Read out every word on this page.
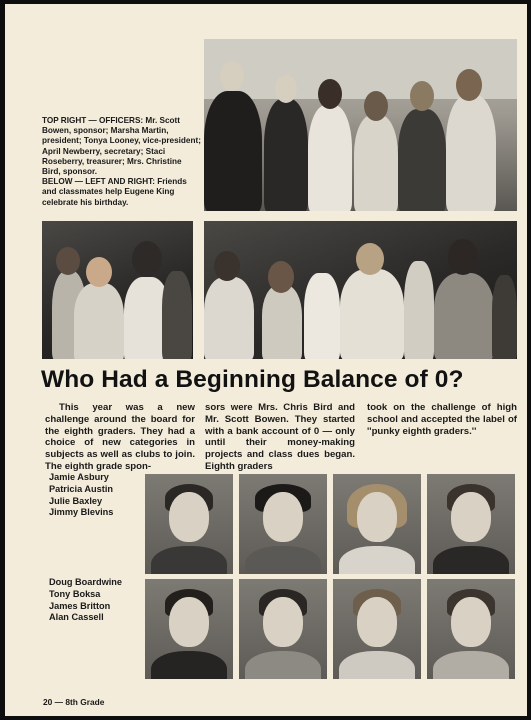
TOP RIGHT — OFFICERS: Mr. Scott Bowen, sponsor; Marsha Martin, president; Tonya Looney, vice-president; April Newberry, secretary; Staci Roseberry, treasurer; Mrs. Christine Bird, sponsor.

BELOW — LEFT AND RIGHT: Friends and classmates help Eugene King celebrate his birthday.

Who Had a Beginning Balance of 0?
This year was a new challenge around the board for the eighth graders. They had a choice of new categories in subjects as well as clubs to join. The eighth grade spon-
sors were Mrs. Chris Bird and Mr. Scott Bowen. They started with a bank account of 0 — only until their money-making projects and class dues began. Eighth graders
took on the challenge of high school and accepted the label of ''punky eighth graders.''
Jamie Asbury
Patricia Austin
Julie Baxley
Jimmy Blevins
Doug Boardwine
Tony Boksa
James Britton
Alan Cassell
20 — 8th Grade
